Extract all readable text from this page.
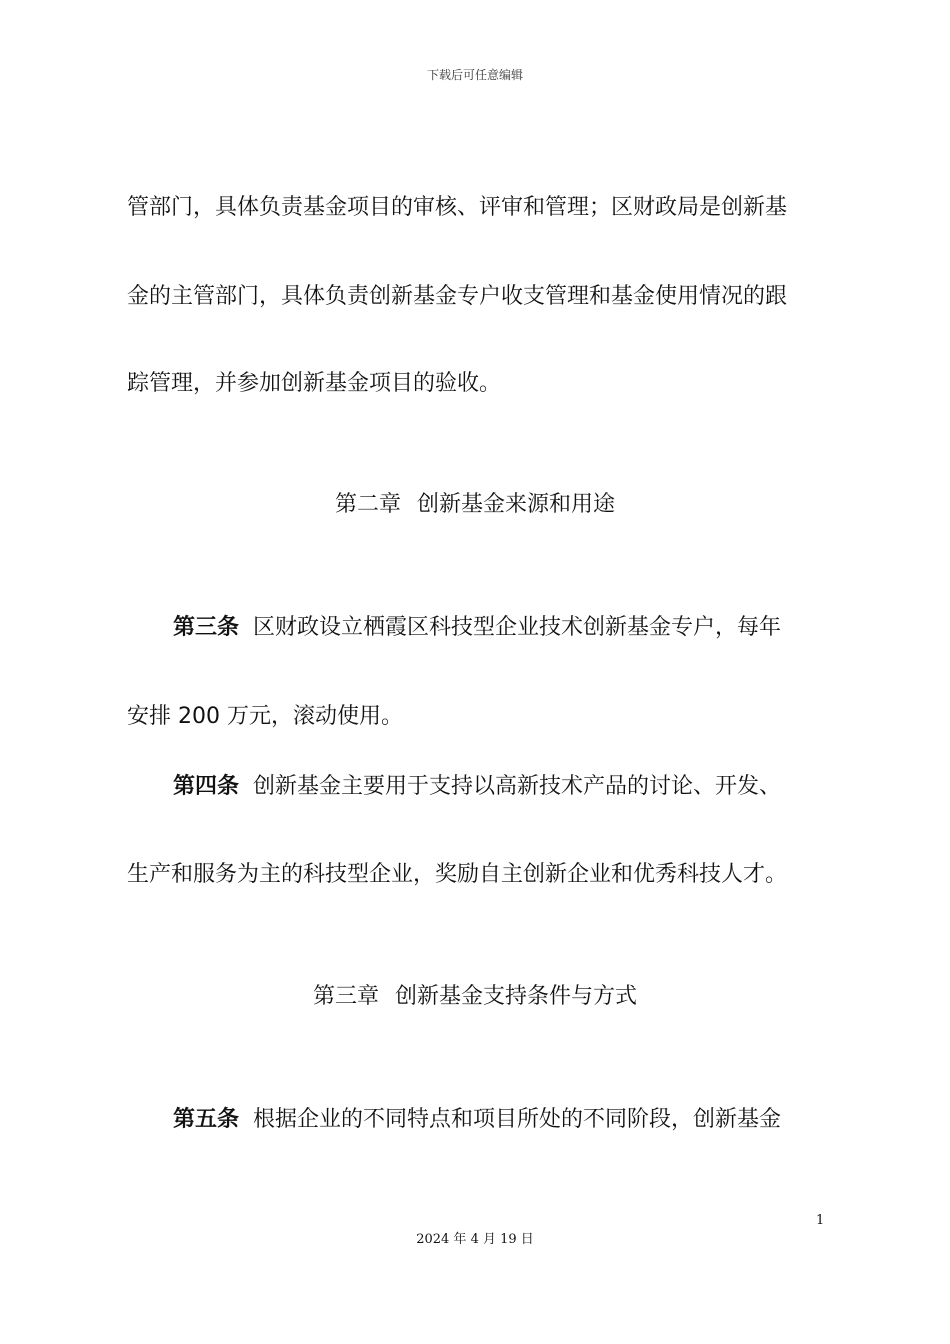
下载后可任意编辑
管部门，具体负责基金项目的审核、评审和管理；区财政局是创新基
金的主管部门，具体负责创新基金专户收支管理和基金使用情况的跟
踪管理，并参加创新基金项目的验收。
第二章 创新基金来源和用途
第三条 区财政设立栖霞区科技型企业技术创新基金专户，每年
安排 200 万元，滚动使用。
第四条 创新基金主要用于支持以高新技术产品的讨论、开发、
生产和服务为主的科技型企业，奖励自主创新企业和优秀科技人才。
第三章 创新基金支持条件与方式
第五条 根据企业的不同特点和项目所处的不同阶段，创新基金
1
2024 年 4 月 19 日
